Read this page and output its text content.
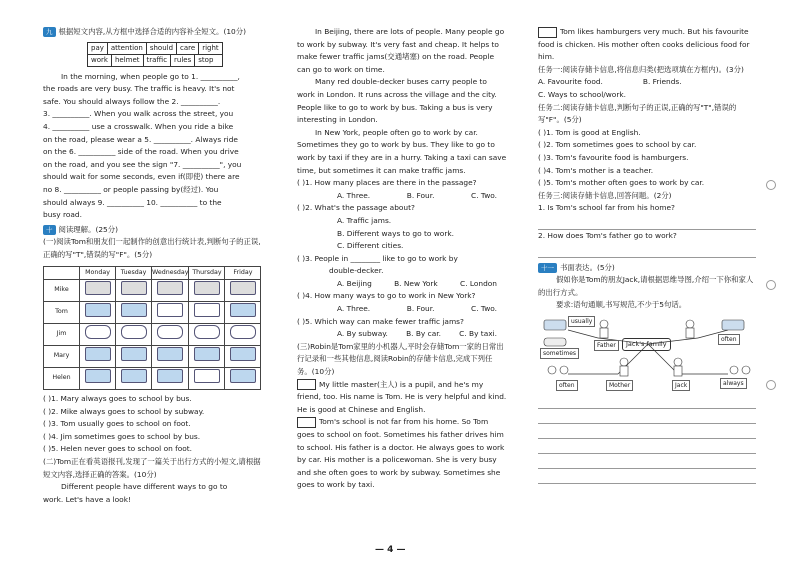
九 根据短文内容,从方框中选择合适的内容补全短文。(10分)
pay	attention	should	care	right
work	helmet	traffic	rules	stop

In the morning, when people go to 1. __________,

the roads are very busy. The traffic is heavy. It's not

safe. You should always follow the 2. __________.

3. __________. When you walk across the street, you

4. __________ use a crosswalk. When you ride a bike

on the road, please wear a 5. __________. Always ride

on the 6. __________ side of the road. When you drive

on the road, and you see the sign "7. __________", you

should wait for some seconds, even if(即使) there are

no 8. __________ or people passing by(经过). You

should always 9. __________ 10. __________ to the

busy road.

十 阅读理解。(25分)

(一)阅读Tom和朋友们一起制作的创意出行统计表,判断句子的正误,正确的写"T",错误的写"F"。(5分)

	Monday	Tuesday	Wednesday	Thursday	Friday
Mike					
Tom					
Jim					
Mary					
Helen					

( )1. Mary always goes to school by bus.

( )2. Mike always goes to school by subway.

( )3. Tom usually goes to school on foot.

( )4. Jim sometimes goes to school by bus.

( )5. Helen never goes to school on foot.

(二)Tom正在看英语报刊,发现了一篇关于出行方式的小短文,请根据短文内容,选择正确的答案。(10分)

Different people have different ways to go to

work. Let's have a look!

In Beijing, there are lots of people. Many people go to work by subway. It's very fast and cheap. It helps to make fewer traffic jams(交通堵塞) on the road. People can go to work on time.

Many red double-decker buses carry people to work in London. It runs across the village and the city. People like to go to work by bus. Taking a bus is very interesting in London.

In New York, people often go to work by car. Sometimes they go to work by bus. They like to go to work by taxi if they are in a hurry. Taking a taxi can save time, but sometimes it can make traffic jams.

( )1. How many places are there in the passage?

A. Three.	B. Four.	C. Two.

( )2. What's the passage about?

A. Traffic jams.

B. Different ways to go to work.

C. Different cities.

( )3. People in ________ like to go to work by

double-decker.

A. Beijing	B. New York	C. London

( )4. How many ways to go to work in New York?

A. Three.	B. Four.	C. Two.

( )5. Which way can make fewer traffic jams?

A. By subway. B. By car. C. By taxi.

(三)Robin是Tom家里的小机器人,平时会存储Tom一家的日常出行记录和一些其他信息,阅读Robin的存储卡信息,完成下列任务。(10分)

My little master(主人) is a pupil, and he's my friend, too. His name is Tom. He is very helpful and kind. He is good at Chinese and English.

Tom's school is not far from his home. So Tom goes to school on foot. Sometimes his father drives him to school. His father is a doctor. He always goes to work by car. His mother is a policewoman. She is very busy and she often goes to work by subway. Sometimes she goes to work by taxi.

Tom likes hamburgers very much. But his favourite food is chicken. His mother often cooks delicious food for him.

任务一:阅读存储卡信息,将信息归类(把选项填在方框内)。(3分)

A. Favourite food.	B. Friends.

C. Ways to school/work.

任务二:阅读存储卡信息,判断句子的正误,正确的写"T",错误的写"F"。(5分)

( )1. Tom is good at English.

( )2. Tom sometimes goes to school by car.

( )3. Tom's favourite food is hamburgers.

( )4. Tom's mother is a teacher.

( )5. Tom's mother often goes to work by car.

任务三:阅读存储卡信息,回答问题。(2分)

1. Is Tom's school far from his home?

2. How does Tom's father go to work?

十一 书面表达。(5分)

假如你是Tom的朋友Jack,请根据思维导图,介绍一下你和家人的出行方式。

要求:语句通顺,书写规范,不少于5句话。

Jack's family
usually
sometimes
Father
often
Mother	Jack	always
often
— 4 —
